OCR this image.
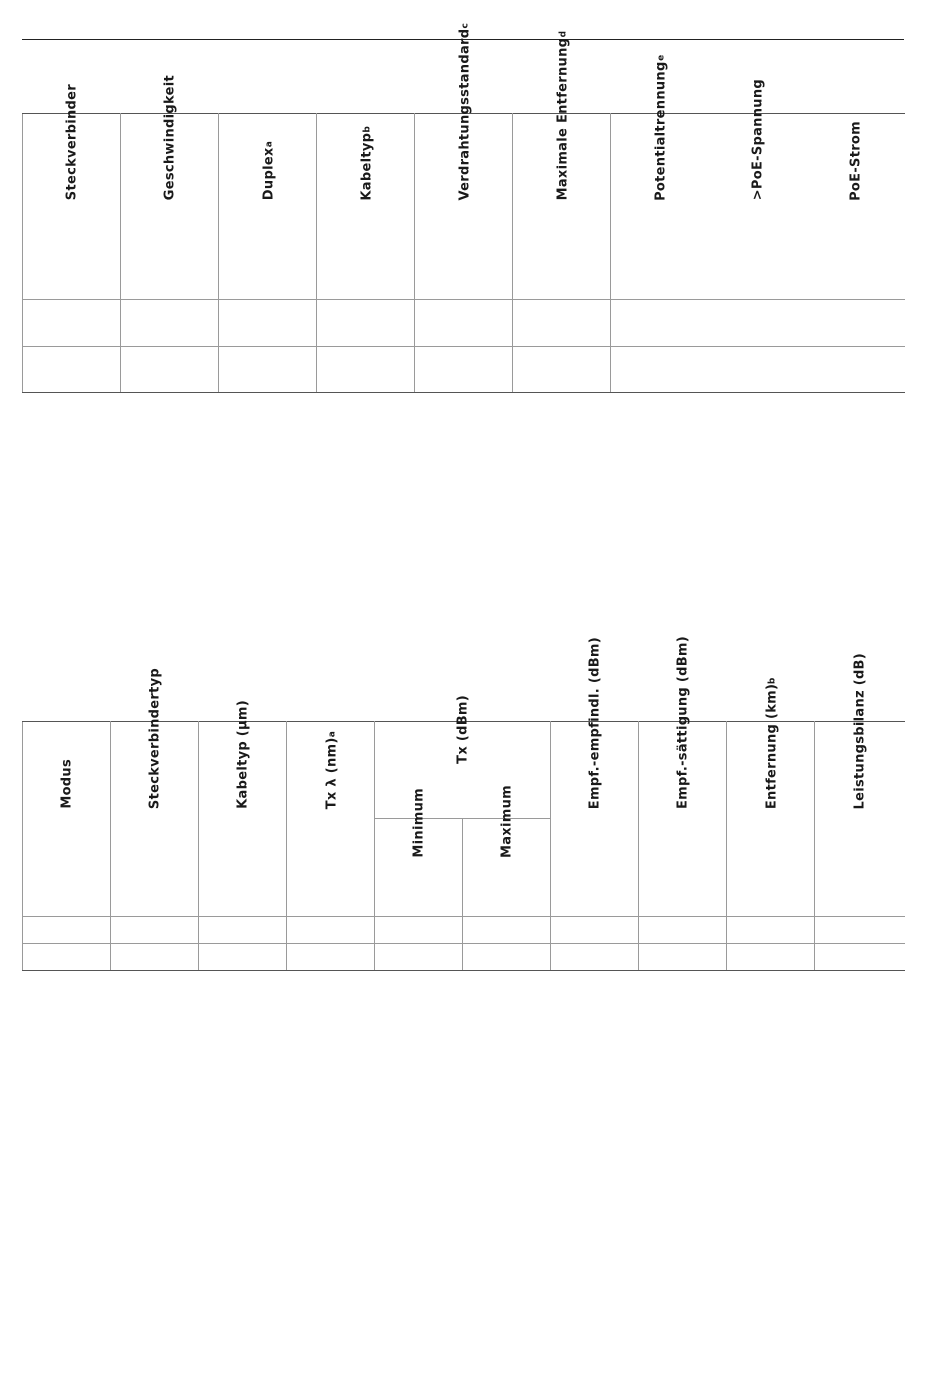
Steckverbinder	Geschwindigkeit	Duplex$^a$	Kabeltyp$^b$	Verdrahtungsstandard$^c$	Maximale Entfernung$^d$	Potentialtrennung$^e$	>PoE-Spannung	PoE-Strom

Modus	Steckverbindertyp	Kabeltyp (µm)	Tx λ (nm)$^a$	Tx (dBm)		Empf.-empfindl. (dBm)	Empf.-sättigung (dBm)	Entfernung (km)$^b$	Leistungsbilanz (dB)

				Minimum	Maximum				
